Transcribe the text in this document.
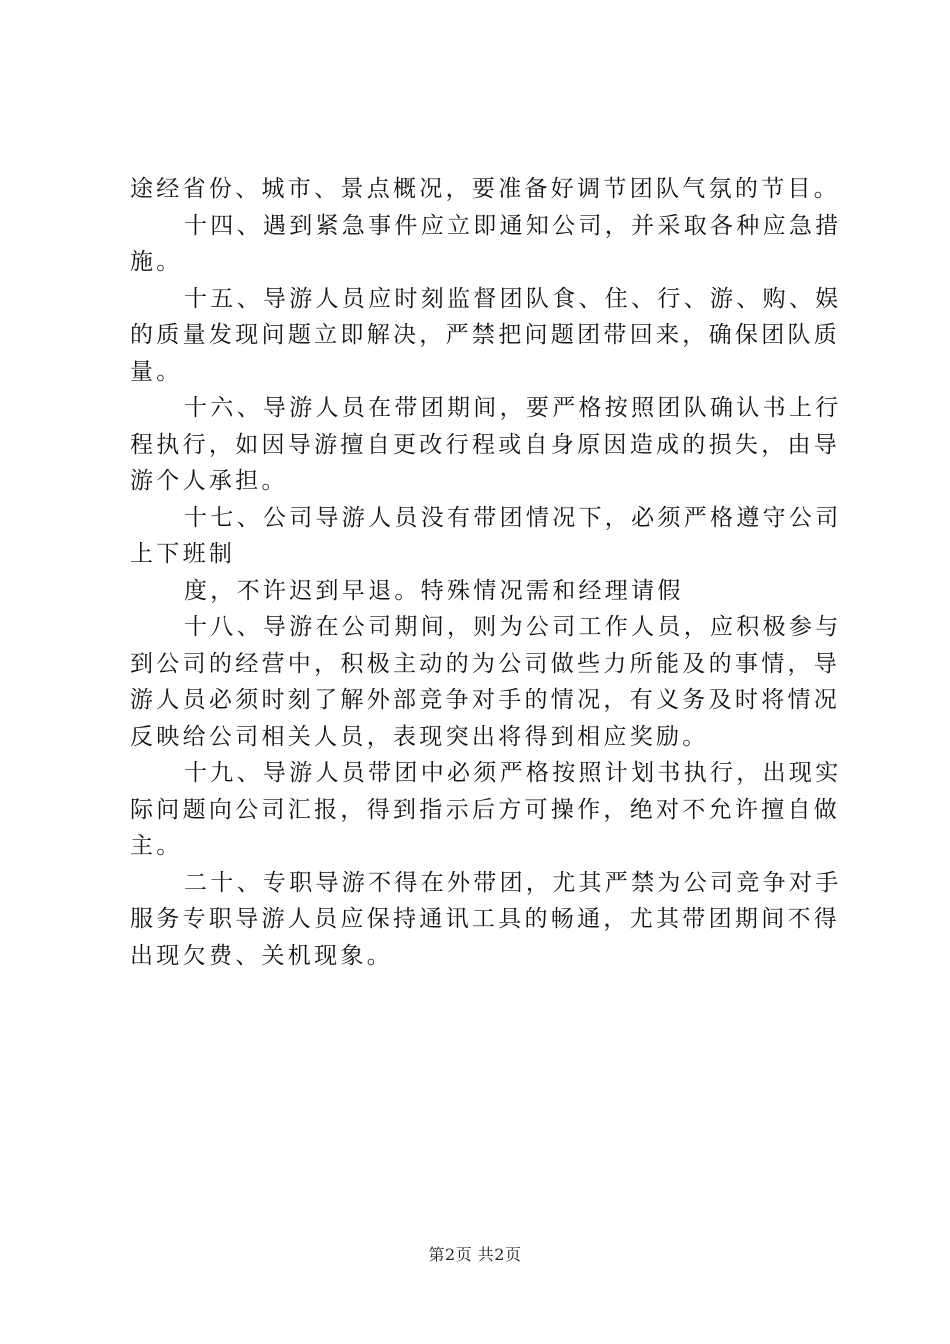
途经省份、城市、景点概况，要准备好调节团队气氛的节目。
十四、遇到紧急事件应立即通知公司，并采取各种应急措
施。
十五、导游人员应时刻监督团队食、住、行、游、购、娱
的质量发现问题立即解决，严禁把问题团带回来，确保团队质
量。
十六、导游人员在带团期间，要严格按照团队确认书上行
程执行，如因导游擅自更改行程或自身原因造成的损失，由导
游个人承担。
十七、公司导游人员没有带团情况下，必须严格遵守公司
上下班制
度，不许迟到早退。特殊情况需和经理请假
十八、导游在公司期间，则为公司工作人员，应积极参与
到公司的经营中，积极主动的为公司做些力所能及的事情，导
游人员必须时刻了解外部竞争对手的情况，有义务及时将情况
反映给公司相关人员，表现突出将得到相应奖励。
十九、导游人员带团中必须严格按照计划书执行，出现实
际问题向公司汇报，得到指示后方可操作，绝对不允许擅自做
主。
二十、专职导游不得在外带团，尤其严禁为公司竞争对手
服务专职导游人员应保持通讯工具的畅通，尤其带团期间不得
出现欠费、关机现象。
第2页 共2页
